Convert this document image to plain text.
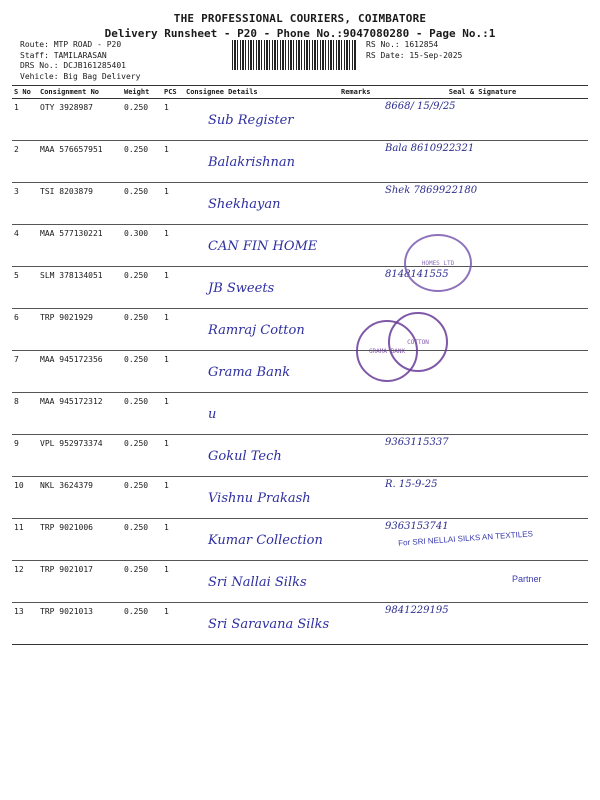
THE PROFESSIONAL COURIERS, COIMBATORE
Delivery Runsheet - P20 - Phone No.:9047080280 - Page No.:1
Route: MTP ROAD - P20
Staff: TAMILARASAN
DRS No.: DCJB161285401
Vehicle: Big Bag Delivery
RS No.: 1612854
RS Date: 15-Sep-2025
S No	Consignment No	Weight	PCS	Consignee Details	Remarks	Seal & Signature
1	OTY 3928987	0.250	1	Sub Register		8668/ 15/9/25

2	MAA 576657951	0.250	1	Balakrishnan		Bala 8610922321

3	TSI 8203879	0.250	1	Shekhayan		Shek 7869922180

4	MAA 577130221	0.300	1	CAN FIN HOME		

5	SLM 378134051	0.250	1	JB Sweets		8148141555

6	TRP 9021929	0.250	1	Ramraj Cotton		

7	MAA 945172356	0.250	1	Grama Bank		

8	MAA 945172312	0.250	1	u		

9	VPL 952973374	0.250	1	Gokul Tech		9363115337

10	NKL 3624379	0.250	1	Vishnu Prakash		R. 15-9-25

11	TRP 9021006	0.250	1	Kumar Collection		9363153741

12	TRP 9021017	0.250	1	Sri Nallai Silks		

13	TRP 9021013	0.250	1	Sri Saravana Silks		9841229195
HOMES LTD
GRAMA BANK
COTTON
For SRI NELLAI SILKS AN TEXTILES
Partner
